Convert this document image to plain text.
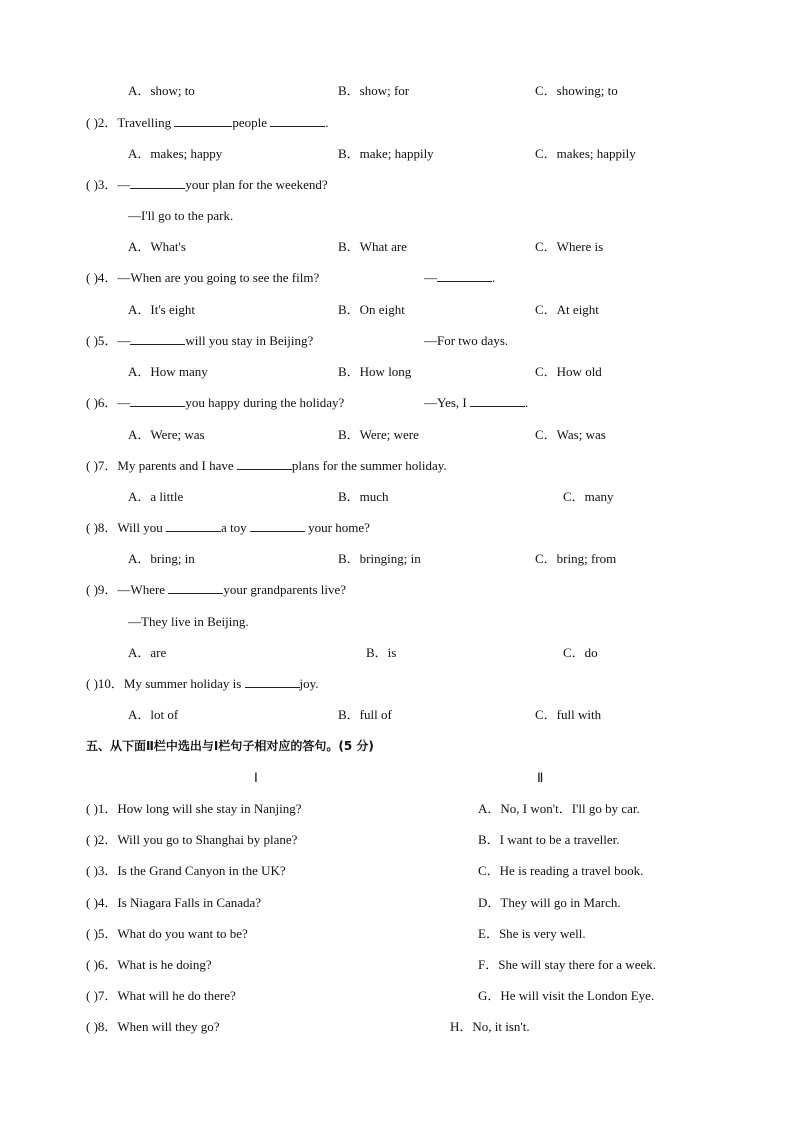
A．show; to	B．show; for	C．showing; to
( )2．Travelling	people	.
A．makes; happy	B．make; happily	C．makes; happily
( )3．—	your plan for the weekend?
—I'll go to the park.
A．What's	B．What are	C．Where is
( )4．—When are you going to see the film?	—	.
A．It's eight	B．On eight	C．At eight
( )5．—	will you stay in Beijing?	—For two days.
A．How many	B．How long	C．How old
( )6．—	you happy during the holiday?	—Yes, I	.
A．Were; was	B．Were; were	C．Was; was
( )7．My parents and I have	plans for the summer holiday.
A．a little	B．much	C．many
( )8．Will you	a toy	your home?
A．bring; in	B．bringing; in	C．bring; from
( )9．—Where	your grandparents live?
—They live in Beijing.
A．are	B．is	C．do
( )10．My summer holiday is	joy.
A．lot of	B．full of	C．full with
五、从下面Ⅱ栏中选出与Ⅰ栏句子相对应的答句。(5 分)
Ⅰ	Ⅱ
( )1．How long will she stay in Nanjing?	A．No, I won't．I'll go by car.
( )2．Will you go to Shanghai by plane?	B．I want to be a traveller.
( )3．Is the Grand Canyon in the UK?	C．He is reading a travel book.
( )4．Is Niagara Falls in Canada?	D．They will go in March.
( )5．What do you want to be?	E．She is very well.
( )6．What is he doing?	F．She will stay there for a week.
( )7．What will he do there?	G．He will visit the London Eye.
( )8．When will they go?	H．No, it isn't.
